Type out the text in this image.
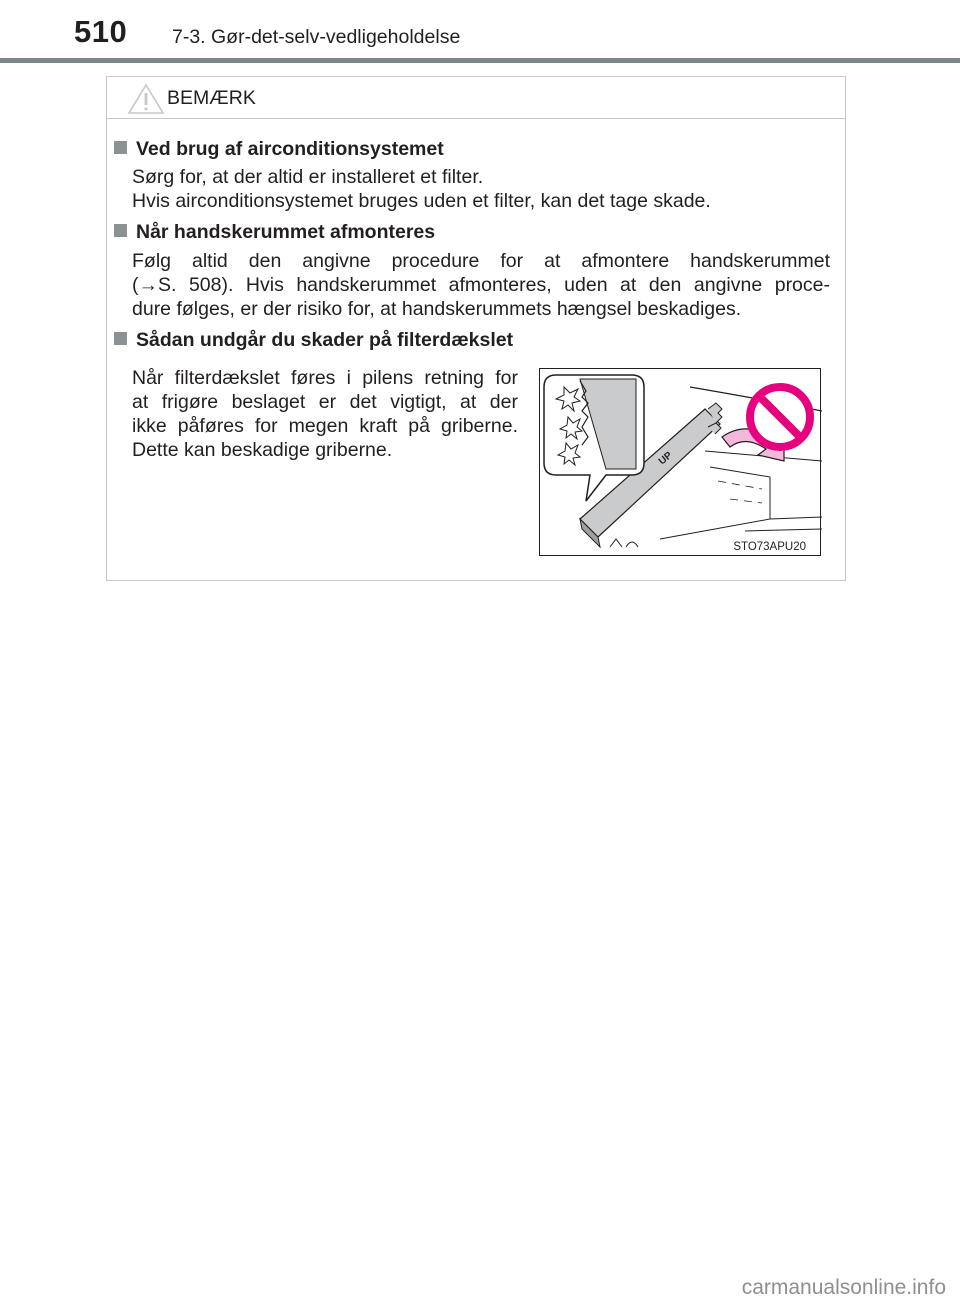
510 7-3. Gør-det-selv-vedligeholdelse
BEMÆRK
Ved brug af airconditionsystemet
Sørg for, at der altid er installeret et filter.
Hvis airconditionsystemet bruges uden et filter, kan det tage skade.
Når handskerummet afmonteres
Følg altid den angivne procedure for at afmontere handskerummet
(→S. 508). Hvis handskerummet afmonteres, uden at den angivne proce-
dure følges, er der risiko for, at handskerummets hængsel beskadiges.
Sådan undgår du skader på filterdækslet
Når filterdækslet føres i pilens retning for
at frigøre beslaget er det vigtigt, at der
ikke påføres for megen kraft på griberne.
Dette kan beskadige griberne.	UP
STO73APU20
carmanualsonline.info
